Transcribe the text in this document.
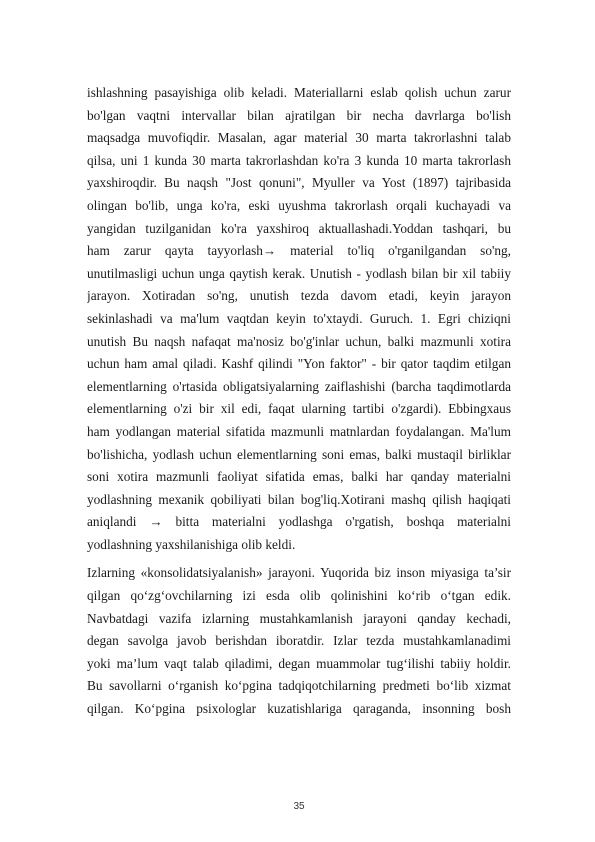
ishlashning pasayishiga olib keladi. Materiallarni eslab qolish uchun zarur
bo'lgan vaqtni intervallar bilan ajratilgan bir necha davrlarga bo'lish
maqsadga muvofiqdir. Masalan, agar material 30 marta takrorlashni talab
qilsa, uni 1 kunda 30 marta takrorlashdan ko'ra 3 kunda 10 marta takrorlash
yaxshiroqdir. Bu naqsh "Jost qonuni", Myuller va Yost (1897) tajribasida
olingan bo'lib, unga ko'ra, eski uyushma takrorlash orqali kuchayadi va
yangidan tuzilganidan ko'ra yaxshiroq aktuallashadi.Yoddan tashqari, bu
ham zarur qayta tayyorlash→ material to'liq o'rganilgandan so'ng,
unutilmasligi uchun unga qaytish kerak. Unutish - yodlash bilan bir xil tabiiy
jarayon. Xotiradan so'ng, unutish tezda davom etadi, keyin jarayon
sekinlashadi va ma'lum vaqtdan keyin to'xtaydi. Guruch. 1. Egri chiziqni
unutish Bu naqsh nafaqat ma'nosiz bo'g'inlar uchun, balki mazmunli xotira
uchun ham amal qiladi. Kashf qilindi "Yon faktor" - bir qator taqdim etilgan
elementlarning o'rtasida obligatsiyalarning zaiflashishi (barcha taqdimotlarda
elementlarning o'zi bir xil edi, faqat ularning tartibi o'zgardi). Ebbingxaus
ham yodlangan material sifatida mazmunli matnlardan foydalangan. Ma'lum
bo'lishicha, yodlash uchun elementlarning soni emas, balki mustaqil birliklar
soni xotira mazmunli faoliyat sifatida emas, balki har qanday materialni
yodlashning mexanik qobiliyati bilan bog'liq.Xotirani mashq qilish haqiqati
aniqlandi → bitta materialni yodlashga o'rgatish, boshqa materialni
yodlashning yaxshilanishiga olib keldi.
Izlarning «konsolidatsiyalanish» jarayoni. Yuqorida biz inson miyasiga ta’sir
qilgan qo‘zg‘ovchilarning izi esda olib qolinishini ko‘rib o‘tgan edik.
Navbatdagi vazifa izlarning mustahkamlanish jarayoni qanday kechadi,
degan savolga javob berishdan iboratdir. Izlar tezda mustahkamlanadimi
yoki ma’lum vaqt talab qiladimi, degan muammolar tug‘ilishi tabiiy holdir.
Bu savollarni o‘rganish ko‘pgina tadqiqotchilarning predmeti bo‘lib xizmat
qilgan. Ko‘pgina psixologlar kuzatishlariga qaraganda, insonning bosh
35
